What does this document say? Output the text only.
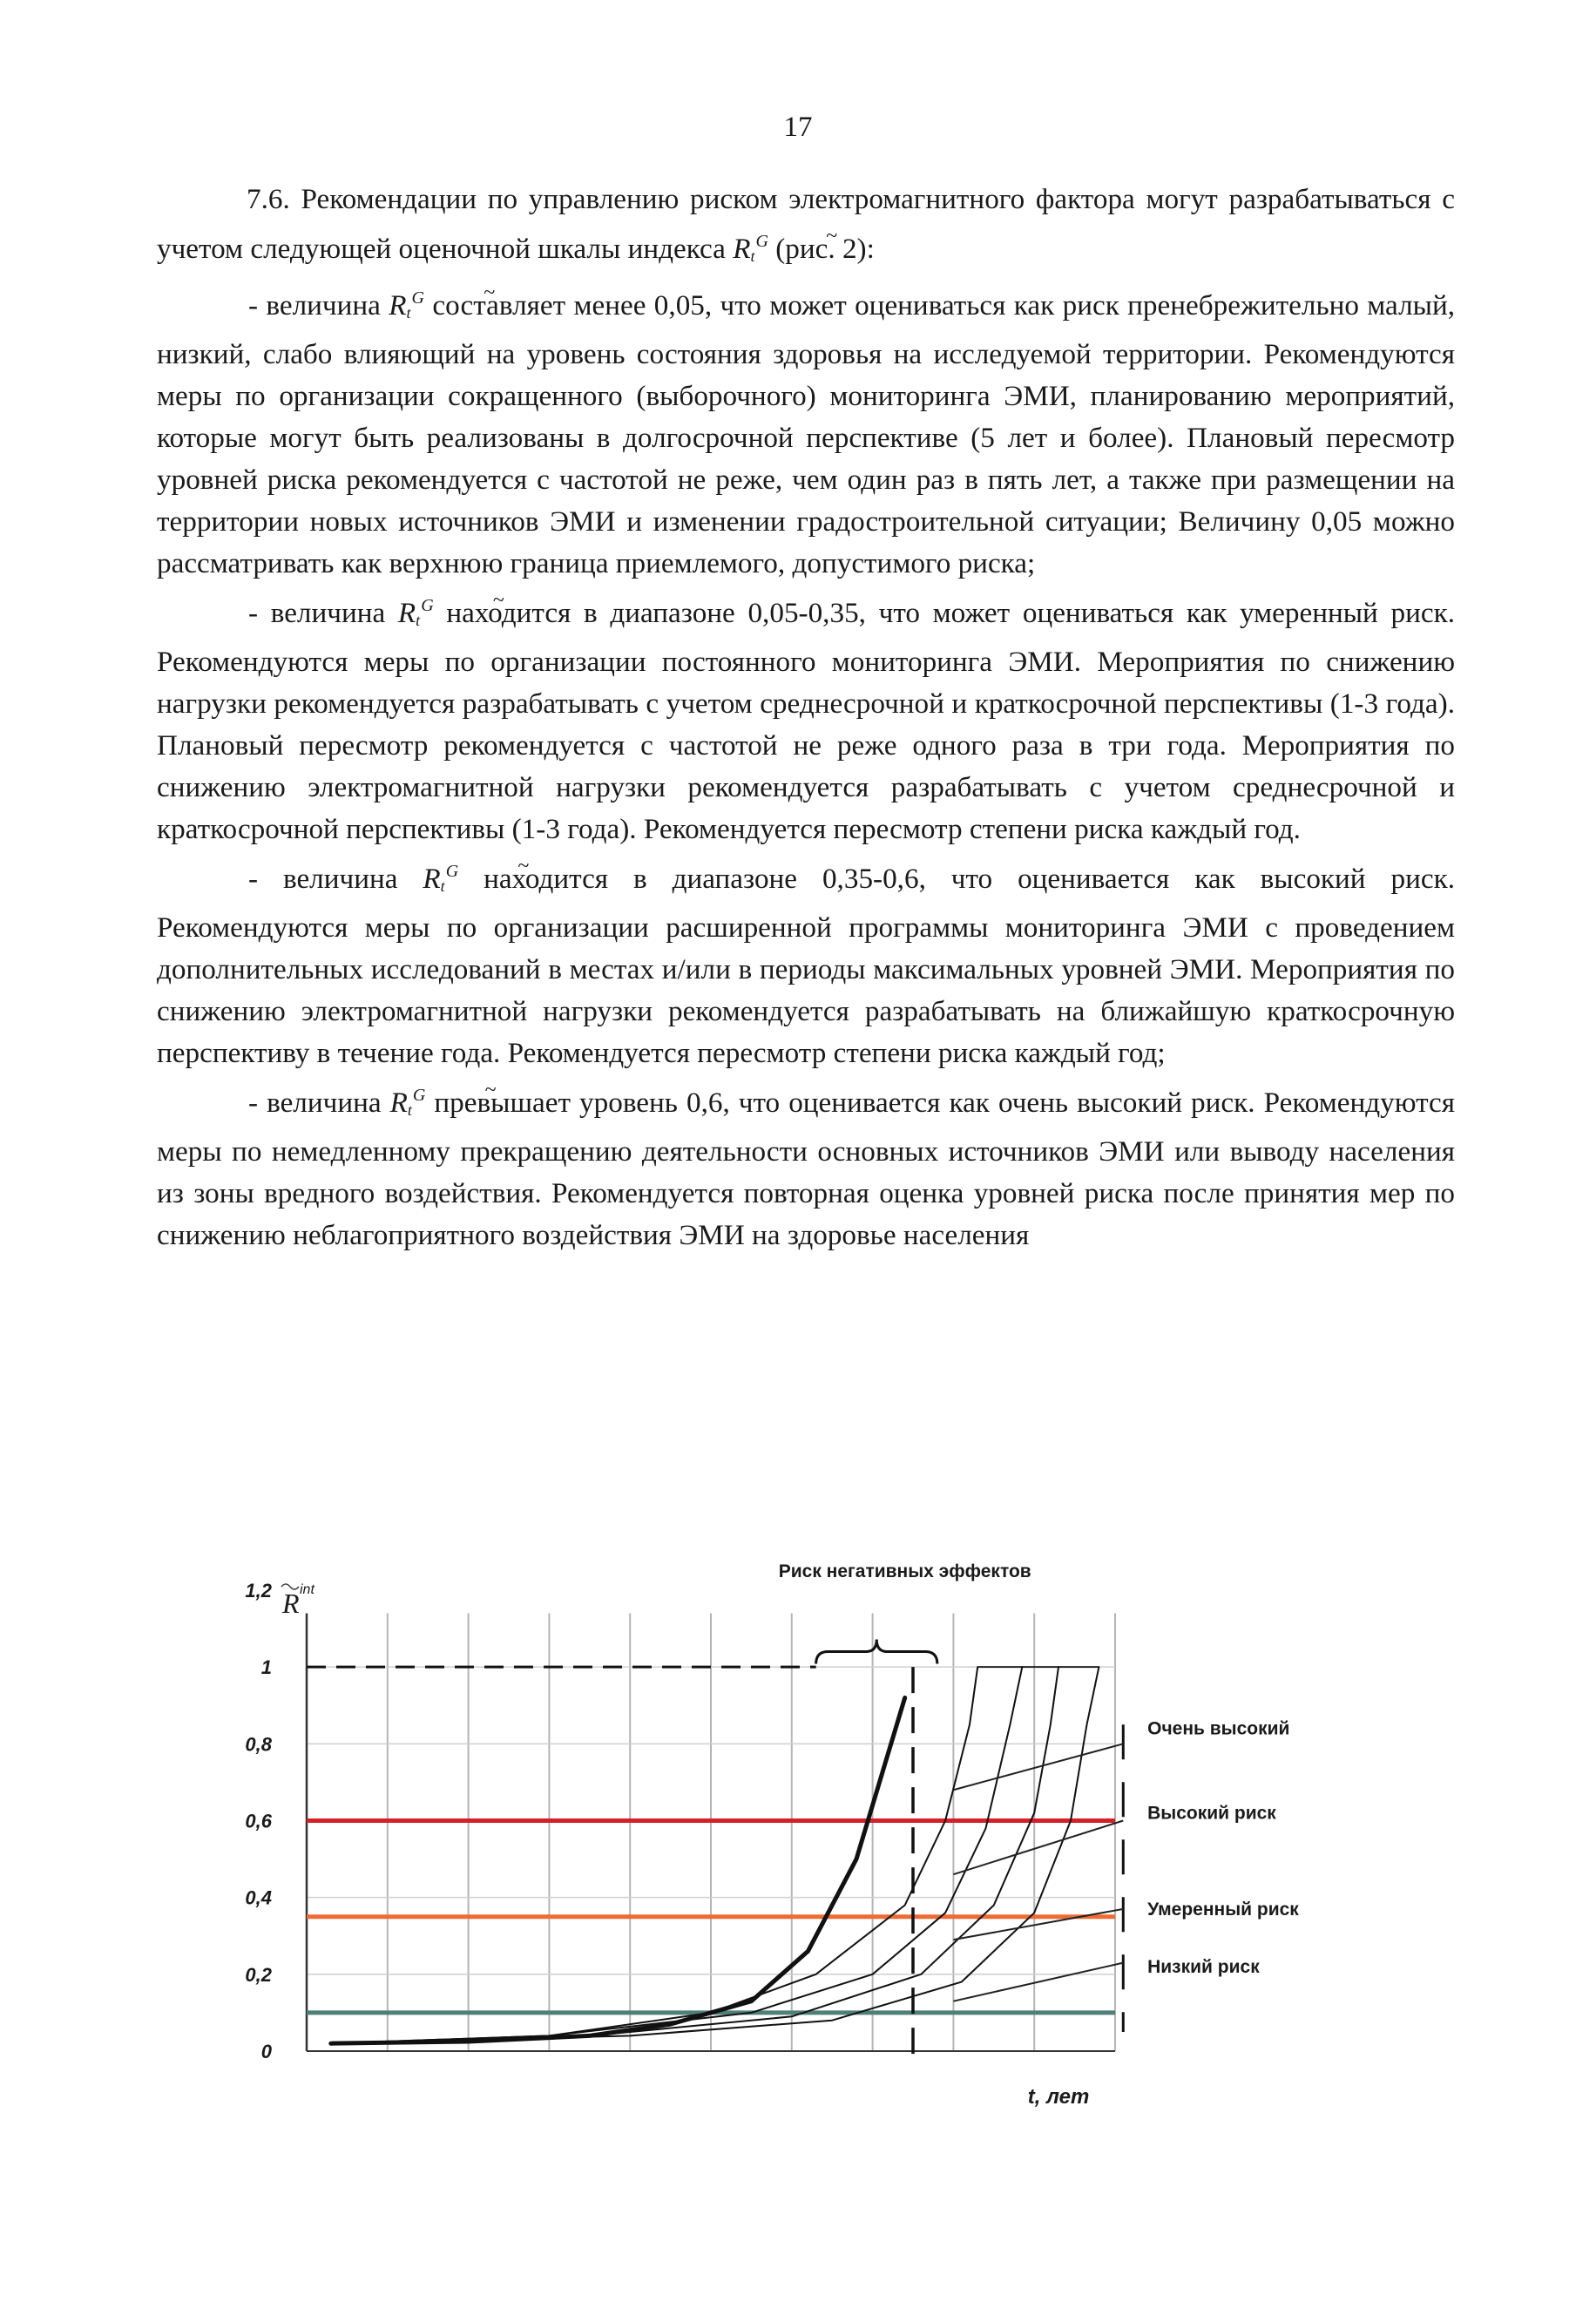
17

7.6. Рекомендации по управлению риском электромагнитного фактора могут разрабатываться с учетом следующей оценочной шкалы индекса ~ $R_t^G$ (рис. 2):

- величина ~ $R_t^G$ составляет менее 0,05, что может оцениваться как риск пренебрежительно малый, низкий, слабо влияющий на уровень состояния здоровья на исследуемой территории. Рекомендуются меры по организации сокращенного (выборочного) мониторинга ЭМИ, планированию мероприятий, которые могут быть реализованы в долгосрочной перспективе (5 лет и более). Плановый пересмотр уровней риска рекомендуется с частотой не реже, чем один раз в пять лет, а также при размещении на территории новых источников ЭМИ и изменении градостроительной ситуации; Величину 0,05 можно рассматривать как верхнюю граница приемлемого, допустимого риска;

- величина ~ $R_t^G$ находится в диапазоне 0,05-0,35, что может оцениваться как умеренный риск. Рекомендуются меры по организации постоянного мониторинга ЭМИ. Мероприятия по снижению нагрузки рекомендуется разрабатывать с учетом среднесрочной и краткосрочной перспективы (1-3 года). Плановый пересмотр рекомендуется с частотой не реже одного раза в три года. Мероприятия по снижению электромагнитной нагрузки рекомендуется разрабатывать с учетом среднесрочной и краткосрочной перспективы (1-3 года). Рекомендуется пересмотр степени риска каждый год.

- величина ~ $R_t^G$ находится в диапазоне 0,35-0,6, что оценивается как высокий риск. Рекомендуются меры по организации расширенной программы мониторинга ЭМИ с проведением дополнительных исследований в местах и/или в периоды максимальных уровней ЭМИ. Мероприятия по снижению электромагнитной нагрузки рекомендуется разрабатывать на ближайшую краткосрочную перспективу в течение года. Рекомендуется пересмотр степени риска каждый год;

- величина ~ $R_t^G$ превышает уровень 0,6, что оценивается как очень высокий риск. Рекомендуются меры по немедленному прекращению деятельности основных источников ЭМИ или выводу населения из зоны вредного воздействия. Рекомендуется повторная оценка уровней риска после принятия мер по снижению неблагоприятного воздействия ЭМИ на здоровье населения

0
0,2
0,4
0,6
0,8
1
1,2 R int
t, лет
Риск негативных эффектов
Очень высокий
Высокий риск
Умеренный риск
Низкий риск
